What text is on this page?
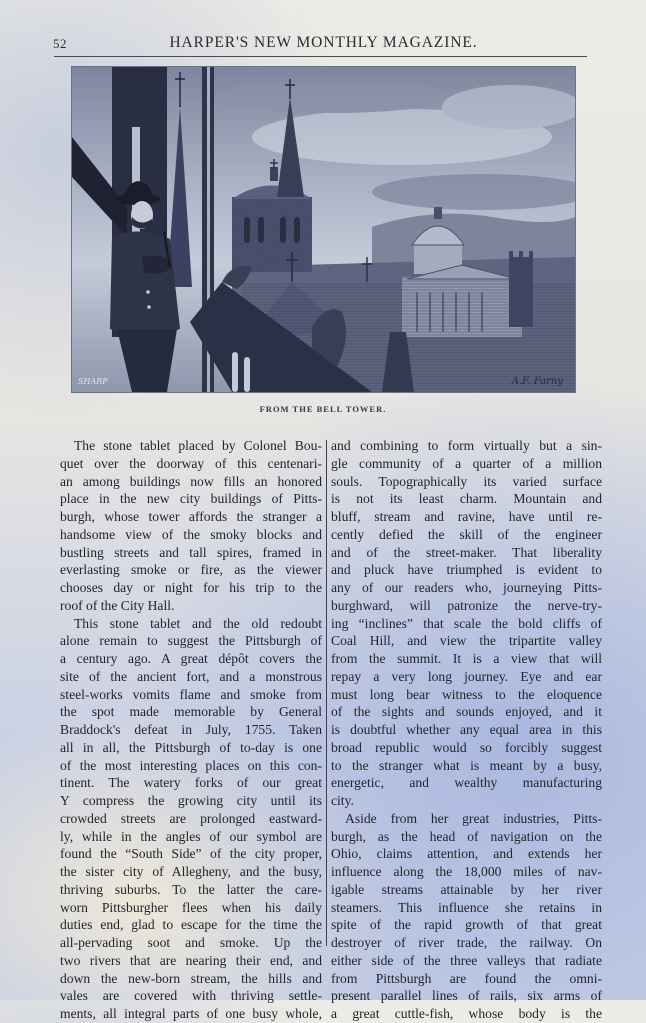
52	HARPER'S NEW MONTHLY MAGAZINE.
SHARP	A.F. Farny
FROM THE BELL TOWER.
The stone tablet placed by Colonel Bou-
quet over the doorway of this centenari-
an among buildings now fills an honored
place in the new city buildings of Pitts-
burgh, whose tower affords the stranger a
handsome view of the smoky blocks and
bustling streets and tall spires, framed in
everlasting smoke or fire, as the viewer
chooses day or night for his trip to the
roof of the City Hall.
This stone tablet and the old redoubt
alone remain to suggest the Pittsburgh of
a century ago. A great dépôt covers the
site of the ancient fort, and a monstrous
steel-works vomits flame and smoke from
the spot made memorable by General
Braddock's defeat in July, 1755. Taken
all in all, the Pittsburgh of to-day is one
of the most interesting places on this con-
tinent. The watery forks of our great
Y compress the growing city until its
crowded streets are prolonged eastward-
ly, while in the angles of our symbol are
found the “South Side” of the city proper,
the sister city of Allegheny, and the busy,
thriving suburbs. To the latter the care-
worn Pittsburgher flees when his daily
duties end, glad to escape for the time the
all-pervading soot and smoke. Up the
two rivers that are nearing their end, and
down the new-born stream, the hills and
vales are covered with thriving settle-
ments, all integral parts of one busy whole,
and combining to form virtually but a sin-
gle community of a quarter of a million
souls. Topographically its varied surface
is not its least charm. Mountain and
bluff, stream and ravine, have until re-
cently defied the skill of the engineer
and of the street-maker. That liberality
and pluck have triumphed is evident to
any of our readers who, journeying Pitts-
burghward, will patronize the nerve-try-
ing “inclines” that scale the bold cliffs of
Coal Hill, and view the tripartite valley
from the summit. It is a view that will
repay a very long journey. Eye and ear
must long bear witness to the eloquence
of the sights and sounds enjoyed, and it
is doubtful whether any equal area in this
broad republic would so forcibly suggest
to the stranger what is meant by a busy,
energetic, and wealthy manufacturing
city.
Aside from her great industries, Pitts-
burgh, as the head of navigation on the
Ohio, claims attention, and extends her
influence along the 18,000 miles of nav-
igable streams attainable by her river
steamers. This influence she retains in
spite of the rapid growth of that great
destroyer of river trade, the railway. On
either side of the three valleys that radiate
from Pittsburgh are found the omni-
present parallel lines of rails, six arms of
a great cuttle-fish, whose body is the
